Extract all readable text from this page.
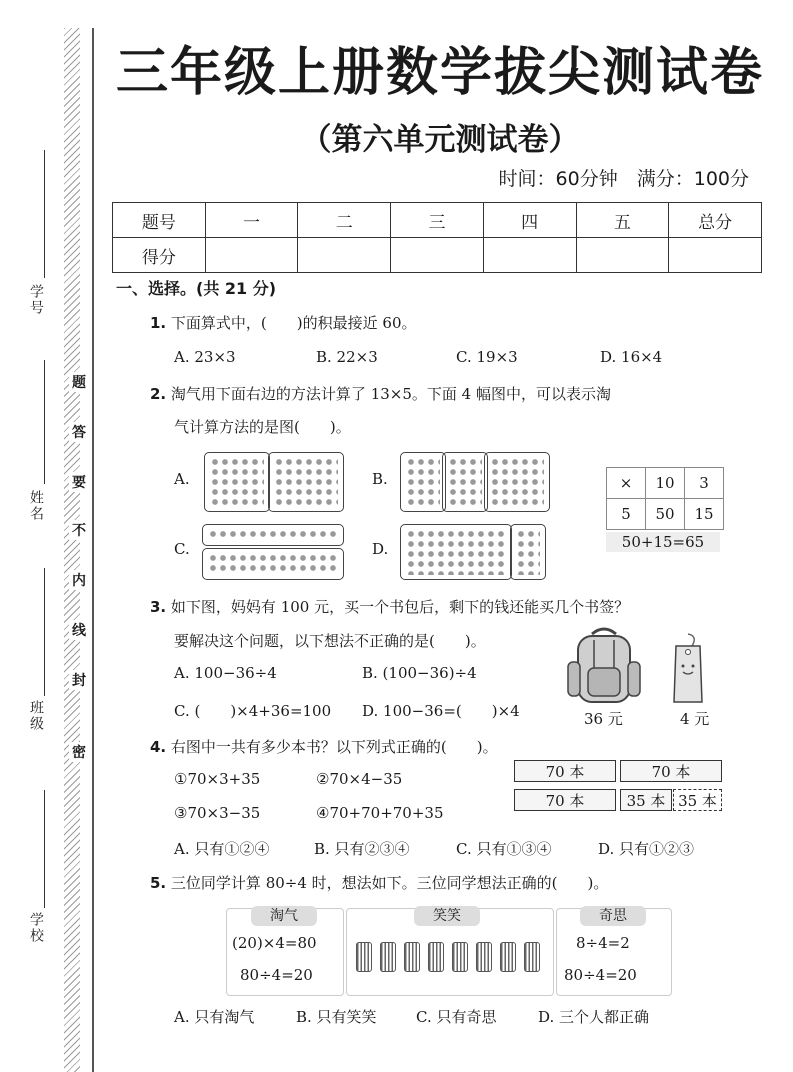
学校
班级
姓名
学号
密
封
线
内
不
要
答
题
三年级上册数学拔尖测试卷
（第六单元测试卷）
时间：60分钟　满分：100分
题号	一	二	三	四	五	总分
得分						
一、选择。(共 21 分)
1. 下面算式中，(　　)的积最接近 60。
A. 23×3	B. 22×3	C. 19×3	D. 16×4
2. 淘气用下面右边的方法计算了 13×5。下面 4 幅图中，可以表示淘
气计算方法的是图(　　)。
A.	B.
C.	D.
×	10	3
5	50	15
50+15=65
3. 如下图，妈妈有 100 元，买一个书包后，剩下的钱还能买几个书签？
要解决这个问题，以下想法不正确的是(　　)。
A. 100−36÷4	B. (100−36)÷4
C. (　　)×4+36=100 D. 100−36=(　　)×4	36 元	4 元
4. 右图中一共有多少本书？以下列式正确的(　　)。
①70×3+35	②70×4−35
③70×3−35	④70+70+70+35
70 本	70 本
70 本	35 本 35 本
A. 只有①②④	B. 只有②③④	C. 只有①③④	D. 只有①②③
5. 三位同学计算 80÷4 时，想法如下。三位同学想法正确的(　　)。
淘气
(20)×4=80
80÷4=20
笑笑	奇思
8÷4=2
80÷4=20
A. 只有淘气	B. 只有笑笑	C. 只有奇思	D. 三个人都正确
